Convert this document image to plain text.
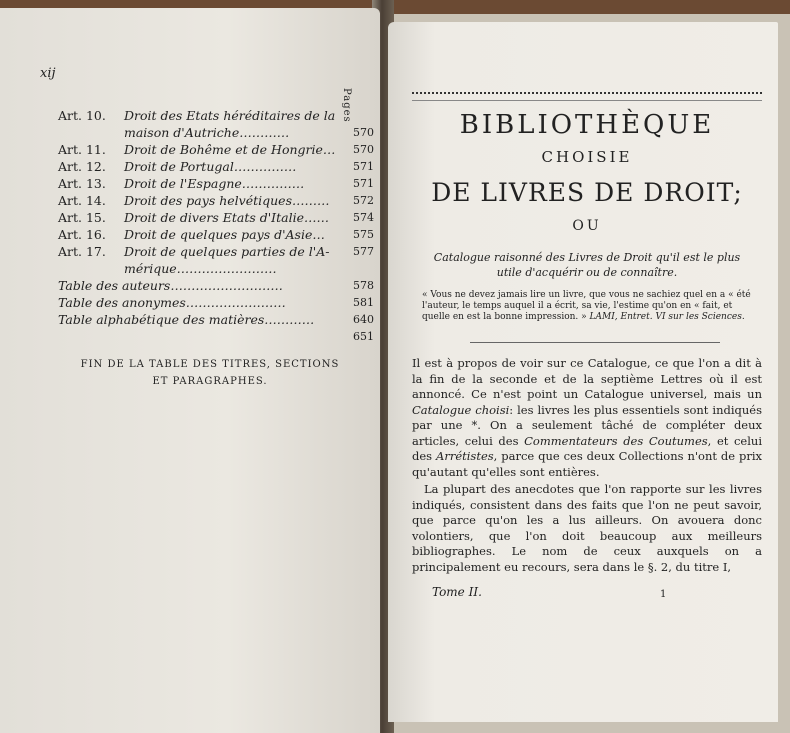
xij
Pages
Art. 10. Droit des Etats héréditaires de la
maison d'Autriche…………	570
Art. 11. Droit de Bohême et de Hongrie… 570
Art. 12. Droit de Portugal……………	571
Art. 13. Droit de l'Espagne……………	571
Art. 14. Droit des pays helvétiques……… 572
Art. 15. Droit de divers Etats d'Italie…… 574
Art. 16. Droit de quelques pays d'Asie…	575
Art. 17. Droit de quelques parties de l'A- 577
mérique……………………
Table des auteurs………………………	578
Table des anonymes……………………	581
Table alphabétique des matières…………	640
651
FIN DE LA TABLE DES TITRES, SECTIONS
ET PARAGRAPHES.
BIBLIOTHÈQUE
CHOISIE
DE LIVRES DE DROIT;
OU
Catalogue raisonné des Livres de Droit qu'il est le plus
utile d'acquérir ou de connaître.
« Vous ne devez jamais lire un livre, que vous ne sachiez quel en a « été l'auteur, le temps auquel il a écrit, sa vie, l'estime qu'on en « fait, et quelle en est la bonne impression. » LAMI, Entret. VI sur les Sciences.

Il est à propos de voir sur ce Catalogue, ce que l'on a dit à la fin de la seconde et de la septième Lettres où il est annoncé. Ce n'est point un Catalogue universel, mais un Catalogue choisi: les livres les plus essentiels sont indiqués par une *. On a seulement tâché de compléter deux articles, celui des Commentateurs des Coutumes, et celui des Arrétistes, parce que ces deux Collections n'ont de prix qu'autant qu'elles sont entières.

La plupart des anecdotes que l'on rapporte sur les livres indiqués, consistent dans des faits que l'on ne peut savoir, que parce qu'on les a lus ailleurs. On avouera donc volontiers, que l'on doit beaucoup aux meilleurs bibliographes. Le nom de ceux auxquels on a principalement eu recours, sera dans le §. 2, du titre I,

Tome II.	1
